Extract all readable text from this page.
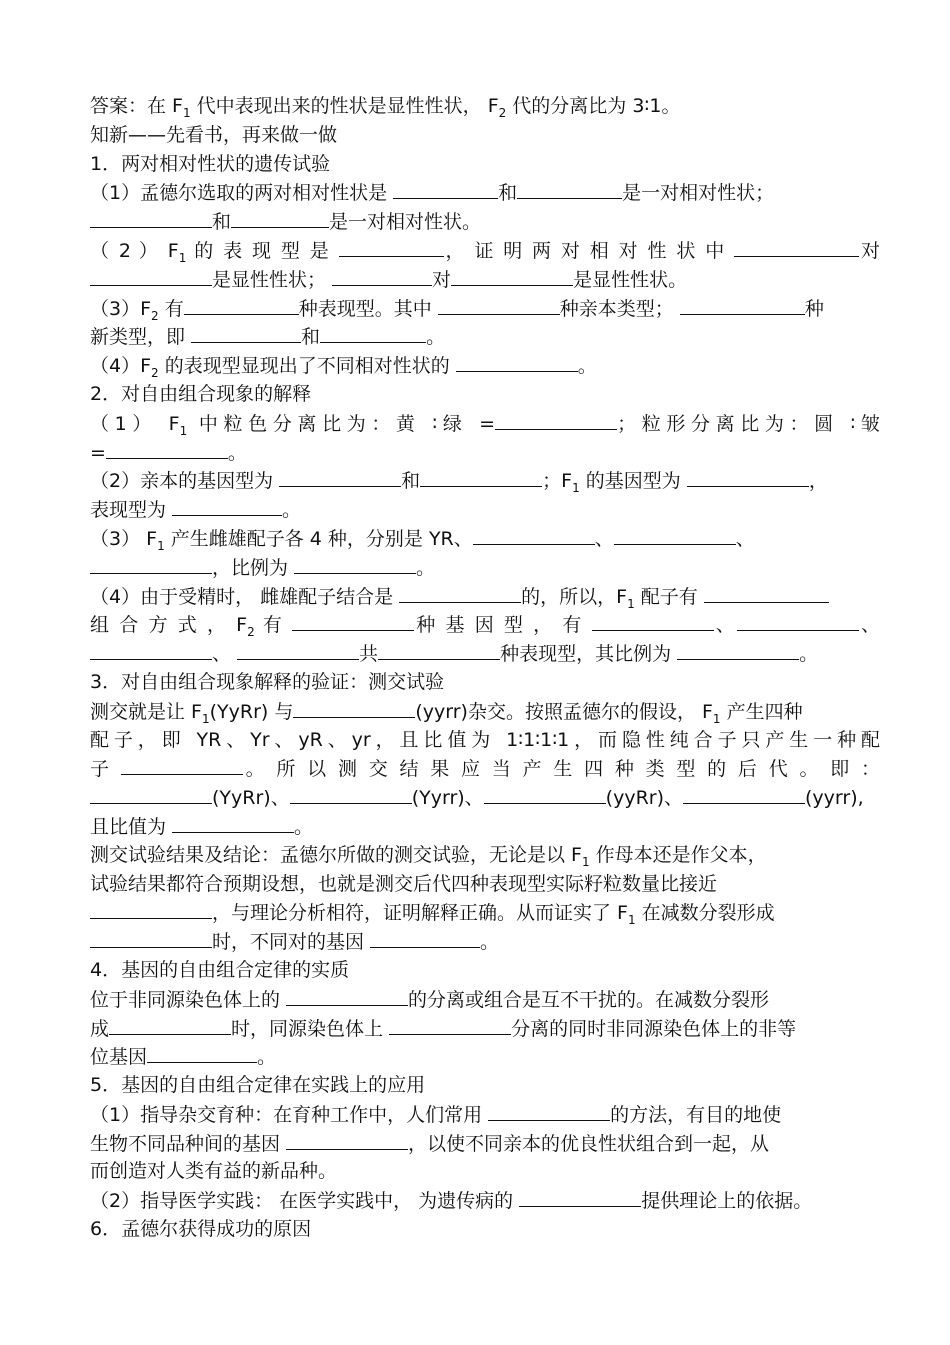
答案：在 $F_1$ 代中表现出来的性状是显性性状， $F_2$ 代的分离比为 3∶1。
知新——先看书，再来做一做
1．两对相对性状的遗传试验
（1）孟德尔选取的两对相对性状是	和	是一对相对性状；
和	是一对相对性状。
（ 2 ） $F_1$ 的 表 现 型 是	， 证 明 两 对 相 对 性 状 中	对
是显性性状；	对	是显性性状。
$(3)F_2$ 有	种表现型。其中	种亲本类型；	种
新类型，即	和	。
$(4)F_2$ 的表现型显现出了不同相对性状的	。
2．对自由组合现象的解释
（1） $F_1$ 中粒色分离比为：黄 ∶绿 =	；粒形分离比为：圆 ∶皱
=	。
（2）亲本的基因型为	和	；$F_1$ 的基因型为	，
表现型为	。
（3） $F_1$ 产生雌雄配子各 4 种，分别是 YR、	、	、
，比例为	。
（4）由于受精时， 雌雄配子结合是	的，所以，$F_1$ 配子有
组 合 方 式 ， $F_2$ 有	种 基 因 型 ， 有	、	、
、	共	种表现型，其比例为	。
3．对自由组合现象解释的验证：测交试验
测交就是让 $F_1(YyRr)$ 与	(yyrr)杂交。按照孟德尔的假设， $F_1$ 产生四种
配子，即 YR、Yr、yR、yr，且比值为 1∶1∶1∶1，而隐性纯合子只产生一种配
子	。 所 以 测 交 结 果 应 当 产 生 四 种 类 型 的 后 代 。 即 ：
(YyRr)、	(Yyrr)、	(yyRr)、	(yyrr),
且比值为	。
测交试验结果及结论：孟德尔所做的测交试验，无论是以 $F_1$ 作母本还是作父本，
试验结果都符合预期设想，也就是测交后代四种表现型实际籽粒数量比接近
，与理论分析相符，证明解释正确。从而证实了 $F_1$ 在减数分裂形成
时，不同对的基因	。
4．基因的自由组合定律的实质
位于非同源染色体上的	的分离或组合是互不干扰的。在减数分裂形
成	时，同源染色体上	分离的同时非同源染色体上的非等
位基因	。
5．基因的自由组合定律在实践上的应用
（1）指导杂交育种：在育种工作中，人们常用	的方法，有目的地使
生物不同品种间的基因	，以使不同亲本的优良性状组合到一起，从
而创造对人类有益的新品种。
（2）指导医学实践： 在医学实践中， 为遗传病的	提供理论上的依据。
6．孟德尔获得成功的原因
